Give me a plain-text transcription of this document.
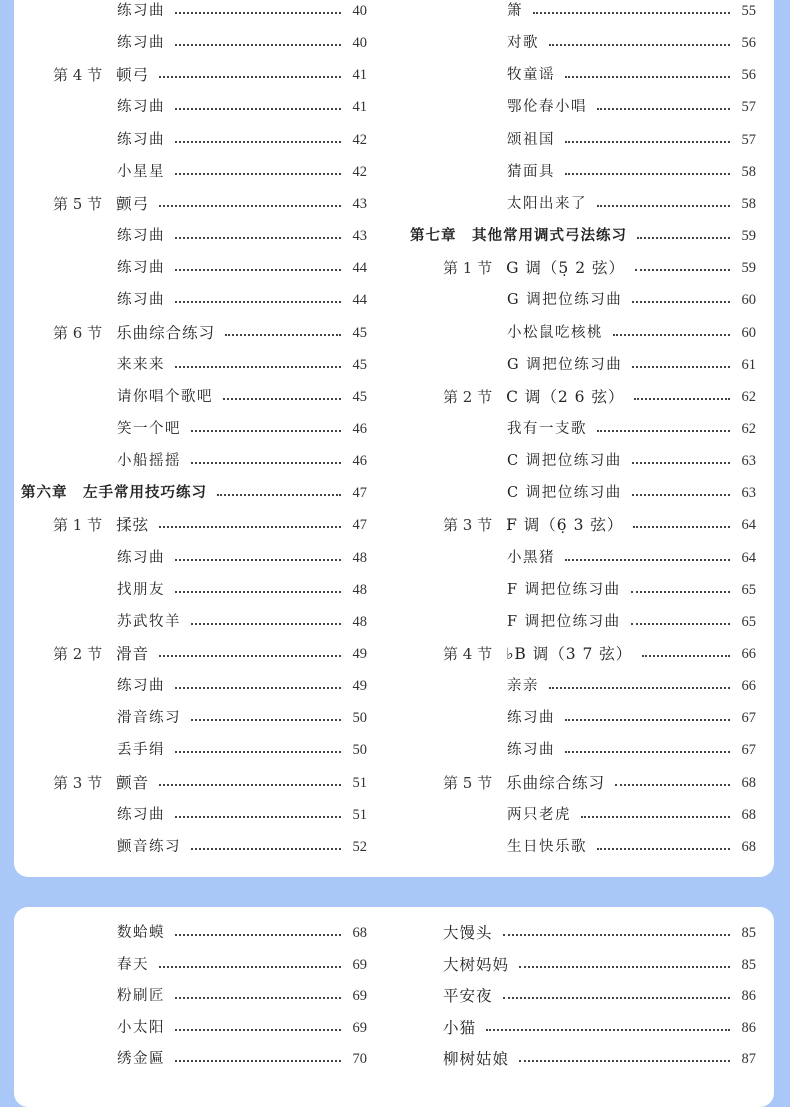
练习曲	40
练习曲	40
第 4 节 顿弓	41
练习曲	41
练习曲	42
小星星	42
第 5 节 颤弓	43
练习曲	43
练习曲	44
练习曲	44
第 6 节 乐曲综合练习	45
来来来	45
请你唱个歌吧	45
笑一个吧	46
小船摇摇	46
第六章　左手常用技巧练习	47
第 1 节 揉弦	47
练习曲	48
找朋友	48
苏武牧羊	48
第 2 节 滑音	49
练习曲	49
滑音练习	50
丢手绢	50
第 3 节 颤音	51
练习曲	51
颤音练习	52
箫	55
对歌	56
牧童谣	56
鄂伦春小唱	57
颂祖国	57
猜面具	58
太阳出来了	58
第七章　其他常用调式弓法练习	59
第 1 节 G 调（5̣ 2 弦）	59
G 调把位练习曲	60
小松鼠吃核桃	60
G 调把位练习曲	61
第 2 节 C 调（2 6 弦）	62
我有一支歌	62
C 调把位练习曲	63
C 调把位练习曲	63
第 3 节 F 调（6̣ 3 弦）	64
小黑猪	64
F 调把位练习曲	65
F 调把位练习曲	65
第 4 节 ♭B 调（3 7 弦）	66
亲亲	66
练习曲	67
练习曲	67
第 5 节 乐曲综合练习	68
两只老虎	68
生日快乐歌	68
数蛤蟆	68
春天	69
粉刷匠	69
小太阳	69
绣金匾	70
大馒头	85
大树妈妈	85
平安夜	86
小猫	86
柳树姑娘	87
